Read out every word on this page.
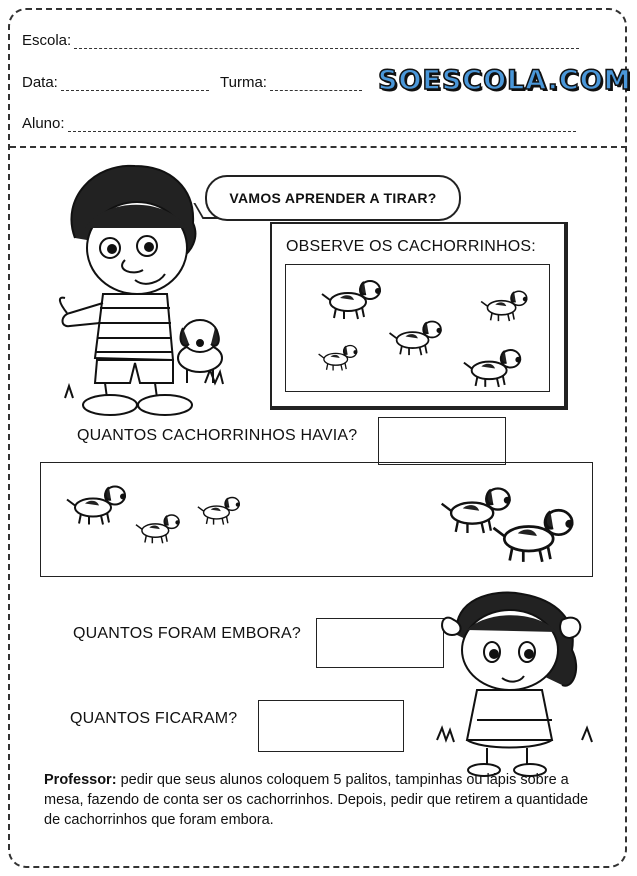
Escola:
Data:	Turma:	SOESCOLA.COM
Aluno:
VAMOS APRENDER A TIRAR?
OBSERVE OS CACHORRINHOS:
QUANTOS CACHORRINHOS HAVIA?
QUANTOS FORAM EMBORA?
QUANTOS FICARAM?
Professor: pedir que seus alunos coloquem 5 palitos, tampinhas ou lápis sobre a mesa, fazendo de conta ser os cachorrinhos. Depois, pedir que retirem a quantidade de cachorrinhos que foram embora.
